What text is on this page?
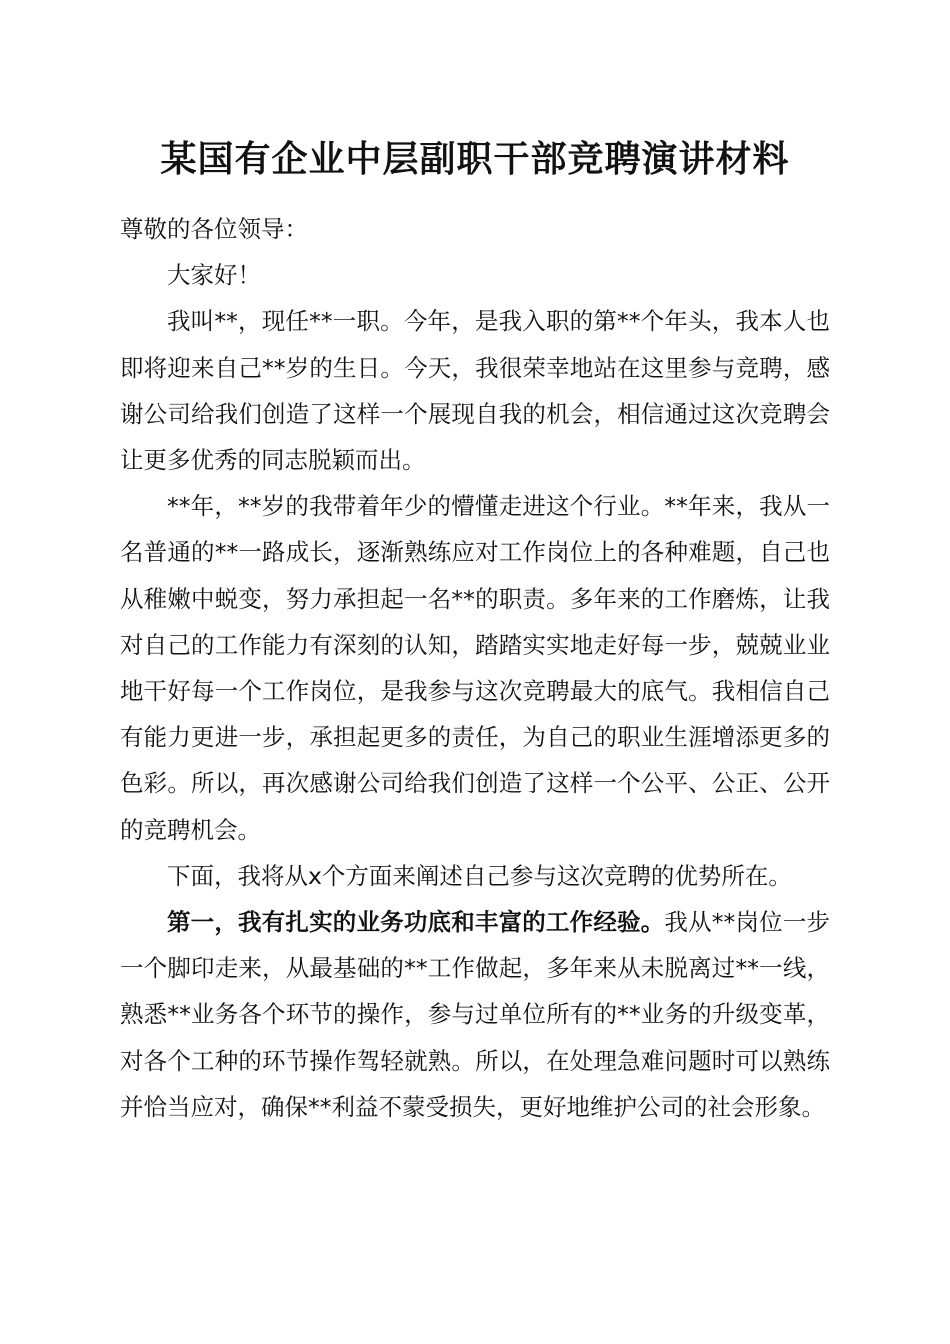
某国有企业中层副职干部竞聘演讲材料

尊敬的各位领导：

大家好！

我叫**，现任**一职。今年，是我入职的第**个年头，我本人也即将迎来自己**岁的生日。今天，我很荣幸地站在这里参与竞聘，感谢公司给我们创造了这样一个展现自我的机会，相信通过这次竞聘会让更多优秀的同志脱颖而出。

**年，**岁的我带着年少的懵懂走进这个行业。**年来，我从一名普通的**一路成长，逐渐熟练应对工作岗位上的各种难题，自己也从稚嫩中蜕变，努力承担起一名**的职责。多年来的工作磨炼，让我对自己的工作能力有深刻的认知，踏踏实实地走好每一步，兢兢业业地干好每一个工作岗位，是我参与这次竞聘最大的底气。我相信自己有能力更进一步，承担起更多的责任，为自己的职业生涯增添更多的色彩。所以，再次感谢公司给我们创造了这样一个公平、公正、公开的竞聘机会。

下面，我将从x个方面来阐述自己参与这次竞聘的优势所在。

第一，我有扎实的业务功底和丰富的工作经验。我从**岗位一步一个脚印走来，从最基础的**工作做起，多年来从未脱离过**一线，熟悉**业务各个环节的操作，参与过单位所有的**业务的升级变革，对各个工种的环节操作驾轻就熟。所以，在处理急难问题时可以熟练并恰当应对，确保**利益不蒙受损失，更好地维护公司的社会形象。
